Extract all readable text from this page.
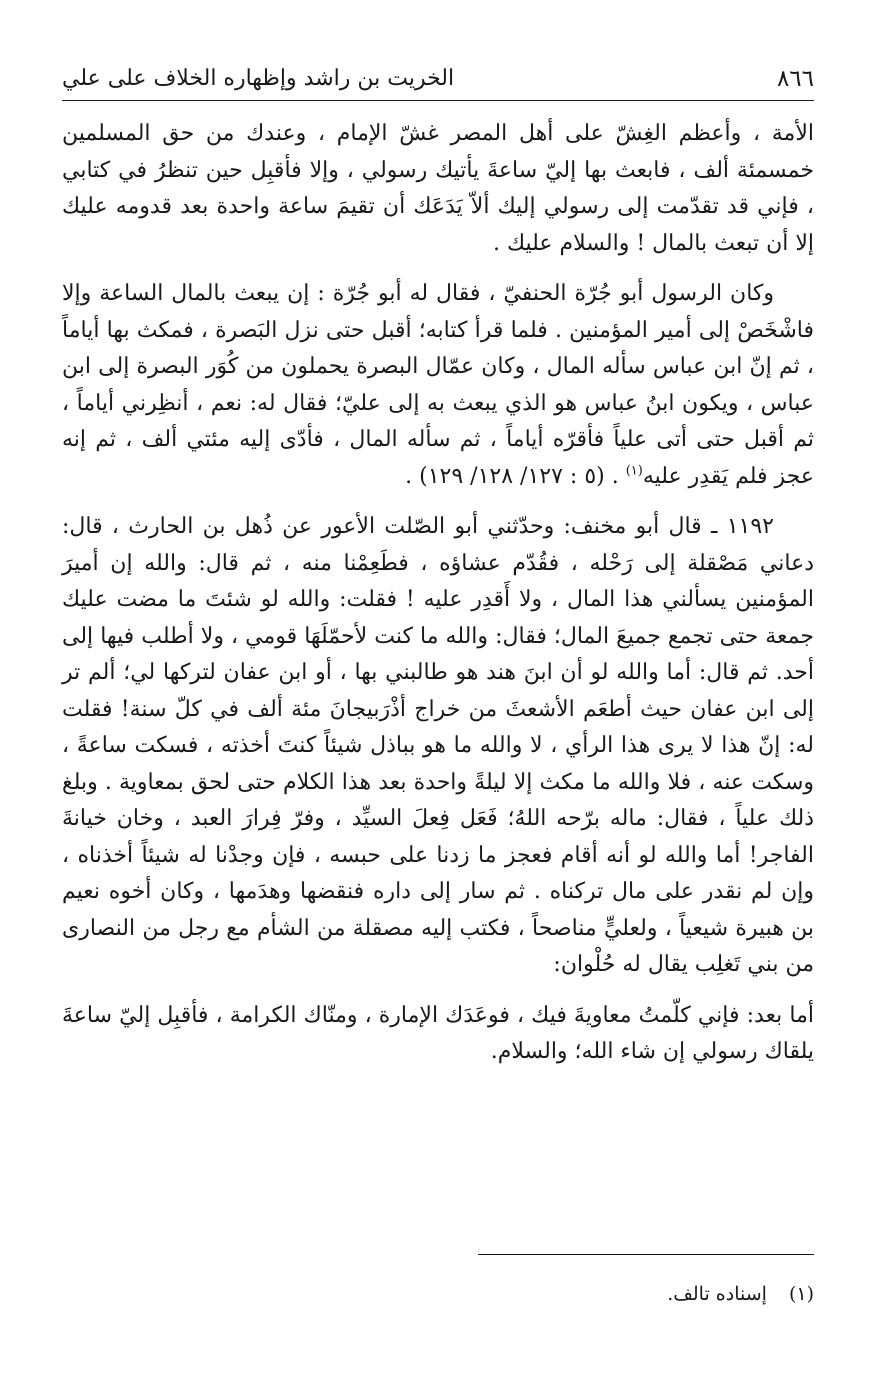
٨٦٦
الخريت بن راشد وإظهاره الخلاف على علي

الأمة ، وأعظم الغِشّ على أهل المصر غشّ الإمام ، وعندك من حق المسلمين خمسمئة ألف ، فابعث بها إليّ ساعةَ يأتيك رسولي ، وإلا فأقبِل حين تنظرُ في كتابي ، فإني قد تقدّمت إلى رسولي إليك ألاّ يَدَعَك أن تقيمَ ساعة واحدة بعد قدومه عليك إلا أن تبعث بالمال ! والسلام عليك .

وكان الرسول أبو جُرّة الحنفيّ ، فقال له أبو جُرّة : إن يبعث بالمال الساعة وإلا فاشْخَصْ إلى أمير المؤمنين . فلما قرأ كتابه؛ أقبل حتى نزل البَصرة ، فمكث بها أياماً ، ثم إنّ ابن عباس سأله المال ، وكان عمّال البصرة يحملون من كُوَر البصرة إلى ابن عباس ، ويكون ابنُ عباس هو الذي يبعث به إلى عليّ؛ فقال له: نعم ، أنظِرني أياماً ، ثم أقبل حتى أتى علياً فأقرّه أياماً ، ثم سأله المال ، فأدّى إليه مئتي ألف ، ثم إنه عجز فلم يَقدِر عليه$^{(١)}$ . (٥ : ١٢٧/ ١٢٨/ ١٢٩) .

١١٩٢ ـ قال أبو مخنف: وحدّثني أبو الصّلت الأعور عن ذُهل بن الحارث ، قال: دعاني مَصْقلة إلى رَحْله ، فقُدّم عشاؤه ، فطَعِمْنا منه ، ثم قال: والله إن أميرَ المؤمنين يسألني هذا المال ، ولا أَقدِر عليه ! فقلت: والله لو شئتَ ما مضت عليك جمعة حتى تجمع جميعَ المال؛ فقال: والله ما كنت لأحمّلَهَا قومي ، ولا أطلب فيها إلى أحد. ثم قال: أما والله لو أن ابنَ هند هو طالبني بها ، أو ابن عفان لتركها لي؛ ألم تر إلى ابن عفان حيث أطعَم الأشعثَ من خراج أذْرَبيجانَ مئة ألف في كلّ سنة! فقلت له: إنّ هذا لا يرى هذا الرأي ، لا والله ما هو بباذل شيئاً كنتَ أخذته ، فسكت ساعةً ، وسكت عنه ، فلا والله ما مكث إلا ليلةً واحدة بعد هذا الكلام حتى لحق بمعاوية . وبلغ ذلك علياً ، فقال: ماله برّحه اللهُ؛ فَعَل فِعلَ السيِّد ، وفرّ فِرارَ العبد ، وخان خيانةَ الفاجر! أما والله لو أنه أقام فعجز ما زدنا على حبسه ، فإن وجدْنا له شيئاً أخذناه ، وإن لم نقدر على مال تركناه . ثم سار إلى داره فنقضها وهدَمها ، وكان أخوه نعيم بن هبيرة شيعياً ، ولعليٍّ مناصحاً ، فكتب إليه مصقلة من الشأم مع رجل من النصارى من بني تَغلِب يقال له حُلْوان:

أما بعد: فإني كلّمتُ معاويةَ فيك ، فوعَدَك الإمارة ، ومنّاك الكرامة ، فأقبِل إليّ ساعةَ يلقاك رسولي إن شاء الله؛ والسلام.

(١)إسناده تالف.
